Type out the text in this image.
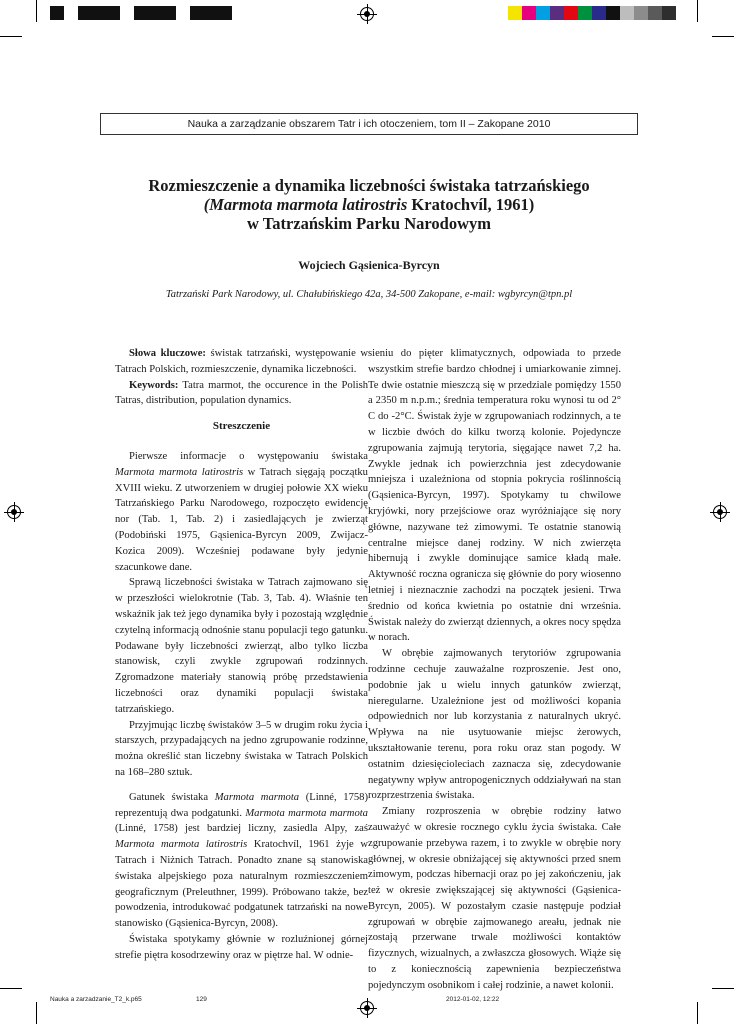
Nauka a zarządzanie obszarem Tatr i ich otoczeniem, tom II – Zakopane 2010
Rozmieszczenie a dynamika liczebności świstaka tatrzańskiego
(Marmota marmota latirostris Kratochvíl, 1961)
w Tatrzańskim Parku Narodowym
Wojciech Gąsienica-Byrcyn
Tatrzański Park Narodowy, ul. Chałubińskiego 42a, 34-500 Zakopane, e-mail: wgbyrcyn@tpn.pl

Słowa kluczowe: świstak tatrzański, występowanie w Tatrach Polskich, rozmieszczenie, dynamika liczebności.

Keywords: Tatra marmot, the occurence in the Polish Tatras, distribution, population dynamics.

Streszczenie

Pierwsze informacje o występowaniu świstaka Marmota marmota latirostris w Tatrach sięgają początku XVIII wieku. Z utworzeniem w drugiej połowie XX wieku Tatrzańskiego Parku Narodowego, rozpoczęto ewidencję nor (Tab. 1, Tab. 2) i zasiedlających je zwierząt (Podobiński 1975, Gąsienica-Byrcyn 2009, Zwijacz-Kozica 2009). Wcześniej podawane były jedynie szacunkowe dane.

Sprawą liczebności świstaka w Tatrach zajmowano się w przeszłości wielokrotnie (Tab. 3, Tab. 4). Właśnie ten wskaźnik jak też jego dynamika były i pozostają względnie czytelną informacją odnośnie stanu populacji tego gatunku. Podawane były liczebności zwierząt, albo tylko liczba stanowisk, czyli zwykle zgrupowań rodzinnych. Zgromadzone materiały stanowią próbę przedstawienia liczebności oraz dynamiki populacji świstaka tatrzańskiego.

Przyjmując liczbę świstaków 3–5 w drugim roku życia i starszych, przypadających na jedno zgrupowanie rodzinne, można określić stan liczebny świstaka w Tatrach Polskich na 168–280 sztuk.

Gatunek świstaka Marmota marmota (Linné, 1758) reprezentują dwa podgatunki. Marmota marmota marmota (Linné, 1758) jest bardziej liczny, zasiedla Alpy, zaś Marmota marmota latirostris Kratochvíl, 1961 żyje w Tatrach i Niżnich Tatrach. Ponadto znane są stanowiska świstaka alpejskiego poza naturalnym rozmieszczeniem geograficznym (Preleuthner, 1999). Próbowano także, bez powodzenia, introdukować podgatunek tatrzański na nowe stanowisko (Gąsienica-Byrcyn, 2008).

Świstaka spotykamy głównie w rozluźnionej górnej strefie piętra kosodrzewiny oraz w piętrze hal. W odnie-

sieniu do pięter klimatycznych, odpowiada to przede wszystkim strefie bardzo chłodnej i umiarkowanie zimnej. Te dwie ostatnie mieszczą się w przedziale pomiędzy 1550 a 2350 m n.p.m.; średnia temperatura roku wynosi tu od 2° C do -2°C. Świstak żyje w zgrupowaniach rodzinnych, a te w liczbie dwóch do kilku tworzą kolonie. Pojedyncze zgrupowania zajmują terytoria, sięgające nawet 7,2 ha. Zwykle jednak ich powierzchnia jest zdecydowanie mniejsza i uzależniona od stopnia pokrycia roślinnością (Gąsienica-Byrcyn, 1997). Spotykamy tu chwilowe kryjówki, nory przejściowe oraz wyróżniające się nory główne, nazywane też zimowymi. Te ostatnie stanowią centralne miejsce danej rodziny. W nich zwierzęta hibernują i zwykle dominujące samice kładą małe. Aktywność roczna ogranicza się głównie do pory wiosenno letniej i nieznacznie zachodzi na początek jesieni. Trwa średnio od końca kwietnia po ostatnie dni września. Świstak należy do zwierząt dziennych, a okres nocy spędza w norach.

W obrębie zajmowanych terytoriów zgrupowania rodzinne cechuje zauważalne rozproszenie. Jest ono, podobnie jak u wielu innych gatunków zwierząt, nieregularne. Uzależnione jest od możliwości kopania odpowiednich nor lub korzystania z naturalnych ukryć. Wpływa na nie usytuowanie miejsc żerowych, ukształtowanie terenu, pora roku oraz stan pogody. W ostatnim dziesięcioleciach zaznacza się, zdecydowanie negatywny wpływ antropogenicznych oddziaływań na stan rozprzestrzenia świstaka.

Zmiany rozproszenia w obrębie rodziny łatwo zauważyć w okresie rocznego cyklu życia świstaka. Całe zgrupowanie przebywa razem, i to zwykle w obrębie nory głównej, w okresie obniżającej się aktywności przed snem zimowym, podczas hibernacji oraz po jej zakończeniu, jak też w okresie zwiększającej się aktywności (Gąsienica-Byrcyn, 2005). W pozostałym czasie następuje podział zgrupowań w obrębie zajmowanego areału, jednak nie zostają przerwane trwale możliwości kontaktów fizycznych, wizualnych, a zwłaszcza głosowych. Wiąże się to z koniecznością zapewnienia bezpieczeństwa pojedynczym osobnikom i całej rodzinie, a nawet kolonii.

Nauka a zarzadzanie_T2_k.p65	129	2012-01-02, 12:22
